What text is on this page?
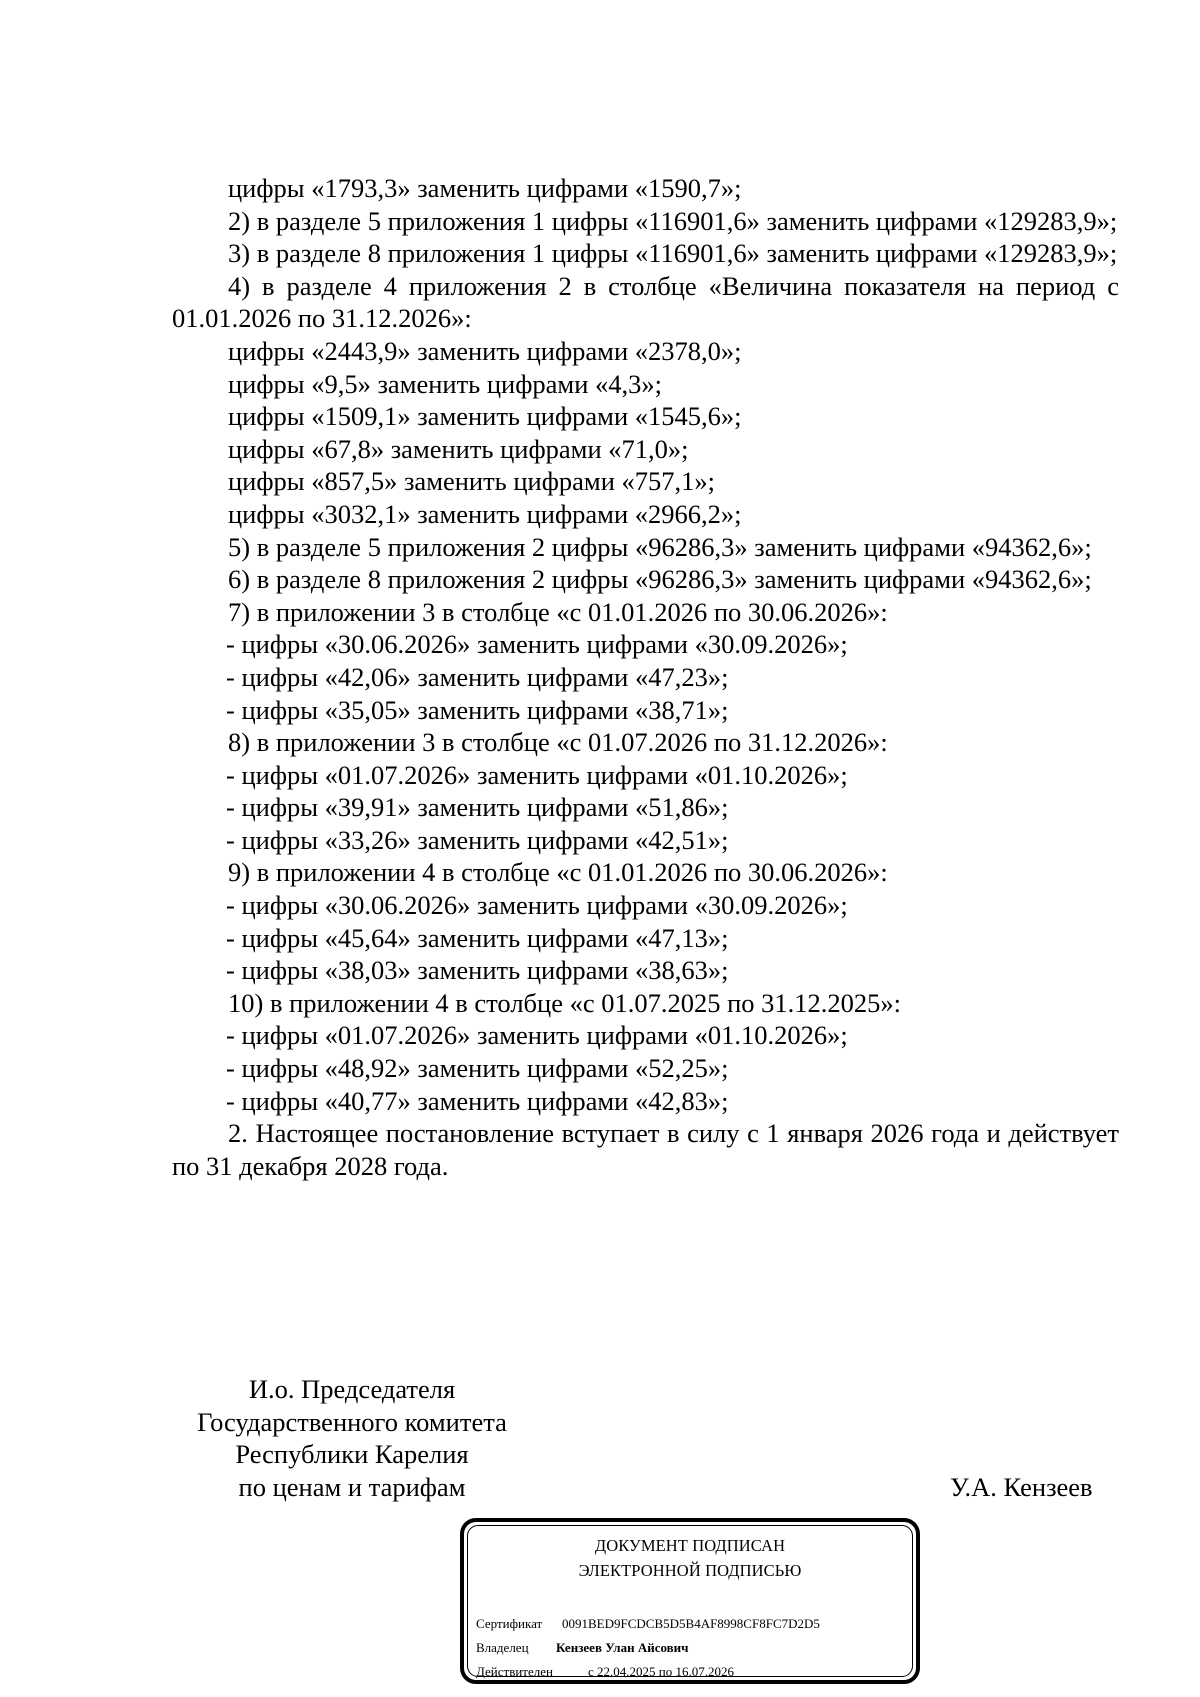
цифры «1793,3» заменить цифрами «1590,7»;

2) в разделе 5 приложения 1 цифры «116901,6» заменить цифрами «129283,9»;

3) в разделе 8 приложения 1 цифры «116901,6» заменить цифрами «129283,9»;

4) в разделе 4 приложения 2 в столбце «Величина показателя на период с 01.01.2026 по 31.12.2026»:

цифры «2443,9» заменить цифрами «2378,0»;

цифры «9,5» заменить цифрами «4,3»;

цифры «1509,1» заменить цифрами «1545,6»;

цифры «67,8» заменить цифрами «71,0»;

цифры «857,5» заменить цифрами «757,1»;

цифры «3032,1» заменить цифрами «2966,2»;

5) в разделе 5 приложения 2 цифры «96286,3» заменить цифрами «94362,6»;

6) в разделе 8 приложения 2 цифры «96286,3» заменить цифрами «94362,6»;

7) в приложении 3 в столбце «с 01.01.2026 по 30.06.2026»:

- цифры «30.06.2026» заменить цифрами «30.09.2026»;

- цифры «42,06» заменить цифрами «47,23»;

- цифры «35,05» заменить цифрами «38,71»;

8) в приложении 3 в столбце «с 01.07.2026 по 31.12.2026»:

- цифры «01.07.2026» заменить цифрами «01.10.2026»;

- цифры «39,91» заменить цифрами «51,86»;

- цифры «33,26» заменить цифрами «42,51»;

9) в приложении 4 в столбце «с 01.01.2026 по 30.06.2026»:

- цифры «30.06.2026» заменить цифрами «30.09.2026»;

- цифры «45,64» заменить цифрами «47,13»;

- цифры «38,03» заменить цифрами «38,63»;

10) в приложении 4 в столбце «с 01.07.2025 по 31.12.2025»:

- цифры «01.07.2026» заменить цифрами «01.10.2026»;

- цифры «48,92» заменить цифрами «52,25»;

- цифры «40,77» заменить цифрами «42,83»;

2. Настоящее постановление вступает в силу с 1 января 2026 года и действует по 31 декабря 2028 года.

И.о. Председателя
Государственного комитета
Республики Карелия
по ценам и тарифам	У.А. Кензеев
ДОКУМЕНТ ПОДПИСАН
ЭЛЕКТРОННОЙ ПОДПИСЬЮ
Сертификат 0091BED9FCDCB5D5B4AF8998CF8FC7D2D5
Владелец Кензеев Улан Айсович
Действителен	с 22.04.2025 по 16.07.2026
